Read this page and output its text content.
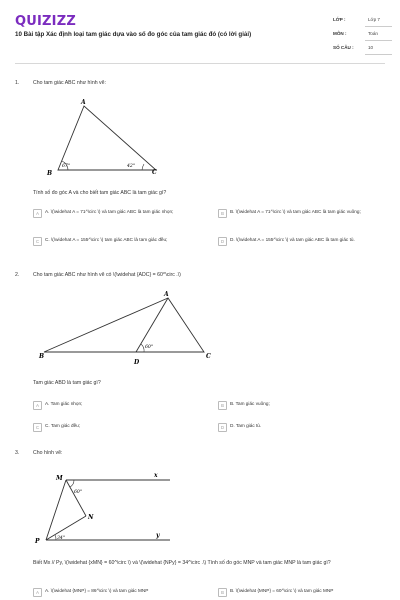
QUIZIZZ
10 Bài tập Xác định loại tam giác dựa vào số đo góc của tam giác đó (có lời giải)
LỚP :	Lớp 7
MÔN :	Toán
SỐ CÂU :	10
1.	Cho tam giác ABC như hình vẽ:
A
B	C
67°	42°
Tính số đo góc A và cho biết tam giác ABC là tam giác gì?
A	A. \(\widehat A = 71^\circ \) và tam giác ABC là tam giác nhọn;	B	B. \(\widehat A = 71^\circ \) và tam giác ABC là tam giác vuông;
C	C. \(\widehat A = 155^\circ \) tam giác ABC là tam giác đều;	D	D. \(\widehat A = 155^\circ \) và tam giác ABC là tam giác tù.
2.	Cho tam giác ABC như hình vẽ có \(\widehat {ADC} = 60^\circ .\)
A
B	C
D
60°
Tam giác ABD là tam giác gì?
A	A. Tam giác nhọn;	B	B. Tam giác vuông;
C	C. Tam giác đều;	D	D. Tam giác tù.
3.	Cho hình vẽ:
M
N
P
x
y
60°
34°
Biết Mx // Py, \(\widehat {xMN} = 60^\circ \) và \(\widehat {NPy} = 34^\circ .\) Tính số đo góc MNP và tam giác MNP là tam giác gì?
A	A. \(\widehat {MNP} = 86^\circ \) và tam giác MNP	B	B. \(\widehat {MNP} = 60^\circ \) và tam giác MNP
